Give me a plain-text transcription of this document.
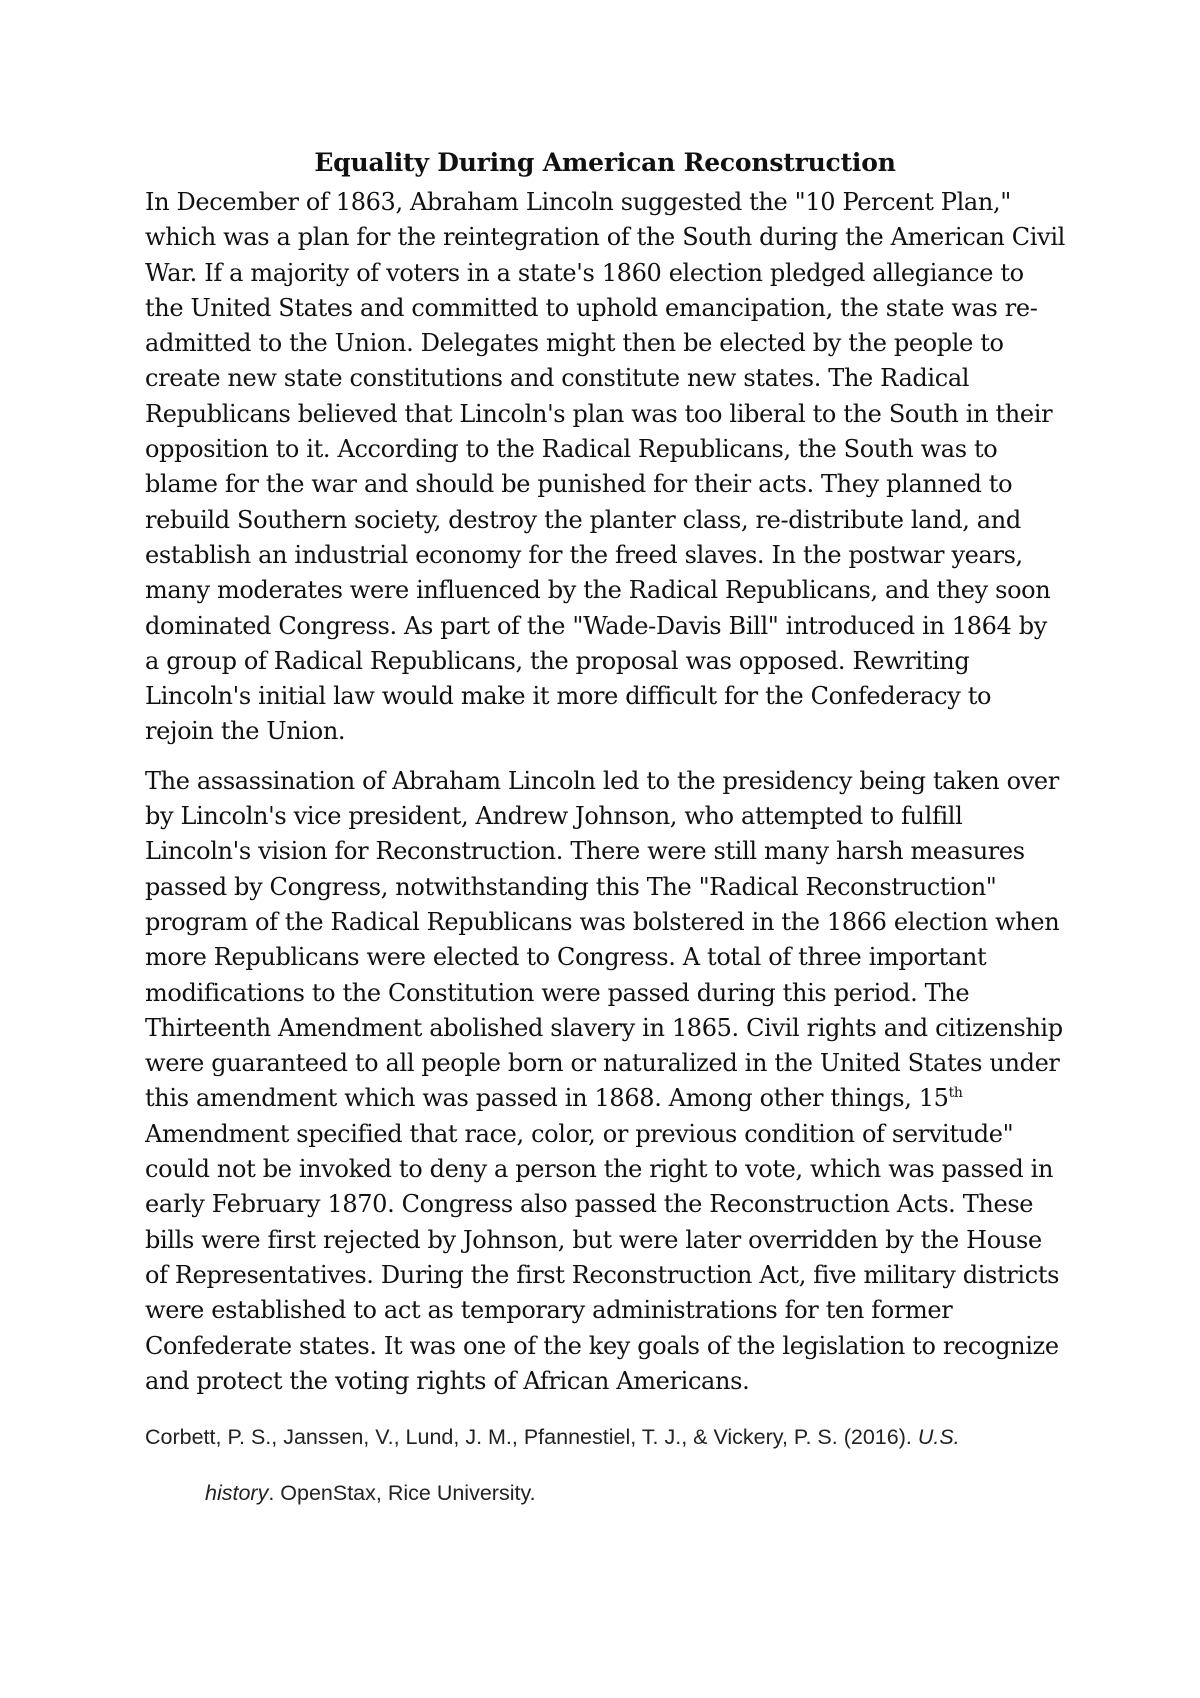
Equality During American Reconstruction

In December of 1863, Abraham Lincoln suggested the "10 Percent Plan," which was a plan for the reintegration of the South during the American Civil War. If a majority of voters in a state's 1860 election pledged allegiance to the United States and committed to uphold emancipation, the state was re-admitted to the Union. Delegates might then be elected by the people to create new state constitutions and constitute new states. The Radical Republicans believed that Lincoln's plan was too liberal to the South in their opposition to it. According to the Radical Republicans, the South was to blame for the war and should be punished for their acts. They planned to rebuild Southern society, destroy the planter class, re-distribute land, and establish an industrial economy for the freed slaves. In the postwar years, many moderates were influenced by the Radical Republicans, and they soon dominated Congress. As part of the "Wade-Davis Bill" introduced in 1864 by a group of Radical Republicans, the proposal was opposed. Rewriting Lincoln's initial law would make it more difficult for the Confederacy to rejoin the Union.

The assassination of Abraham Lincoln led to the presidency being taken over by Lincoln's vice president, Andrew Johnson, who attempted to fulfill Lincoln's vision for Reconstruction. There were still many harsh measures passed by Congress, notwithstanding this The "Radical Reconstruction" program of the Radical Republicans was bolstered in the 1866 election when more Republicans were elected to Congress. A total of three important modifications to the Constitution were passed during this period. The Thirteenth Amendment abolished slavery in 1865. Civil rights and citizenship were guaranteed to all people born or naturalized in the United States under this amendment which was passed in 1868. Among other things, 15th Amendment specified that race, color, or previous condition of servitude" could not be invoked to deny a person the right to vote, which was passed in early February 1870. Congress also passed the Reconstruction Acts. These bills were first rejected by Johnson, but were later overridden by the House of Representatives. During the first Reconstruction Act, five military districts were established to act as temporary administrations for ten former Confederate states. It was one of the key goals of the legislation to recognize and protect the voting rights of African Americans.

Corbett, P. S., Janssen, V., Lund, J. M., Pfannestiel, T. J., & Vickery, P. S. (2016). U.S.
history. OpenStax, Rice University.
